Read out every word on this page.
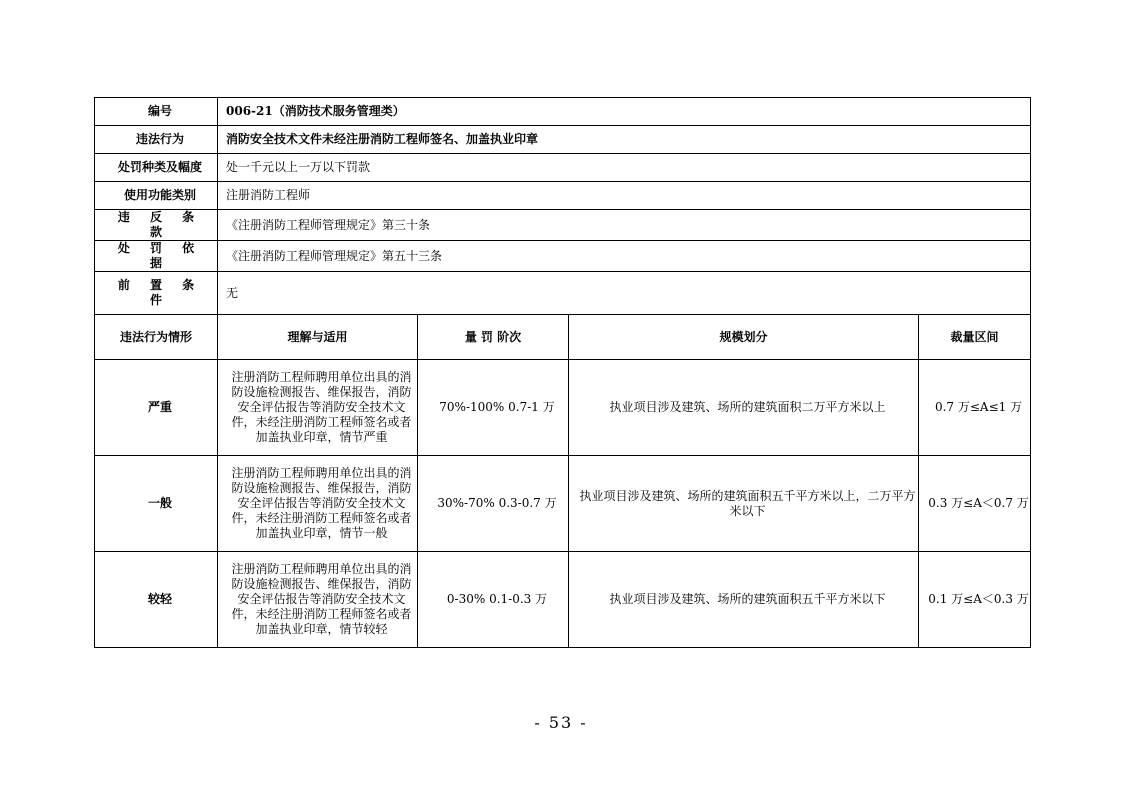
编号	006-21（消防技术服务管理类）			
违法行为	消防安全技术文件未经注册消防工程师签名、加盖执业印章			
处罚种类及幅度	处一千元以上一万以下罚款			
使用功能类别	注册消防工程师			
违 反 条 款	《注册消防工程师管理规定》第三十条			
处 罚 依 据	《注册消防工程师管理规定》第五十三条			
前 置 条 件	无			
违法行为情形	理解与适用	量 罚 阶次	规模划分	裁量区间
严重	注册消防工程师聘用单位出具的消防设施检测报告、维保报告，消防安全评估报告等消防安全技术文件，未经注册消防工程师签名或者加盖执业印章，情节严重	70%-100% 0.7-1 万	执业项目涉及建筑、场所的建筑面积二万平方米以上	0.7 万≤A≤1 万
一般	注册消防工程师聘用单位出具的消防设施检测报告、维保报告，消防安全评估报告等消防安全技术文件，未经注册消防工程师签名或者加盖执业印章，情节一般	30%-70% 0.3-0.7 万	执业项目涉及建筑、场所的建筑面积五千平方米以上，二万平方米以下	0.3 万≤A＜0.7 万
较轻	注册消防工程师聘用单位出具的消防设施检测报告、维保报告，消防安全评估报告等消防安全技术文件，未经注册消防工程师签名或者加盖执业印章，情节较轻	0-30% 0.1-0.3 万	执业项目涉及建筑、场所的建筑面积五千平方米以下	0.1 万≤A＜0.3 万
- 53 -
